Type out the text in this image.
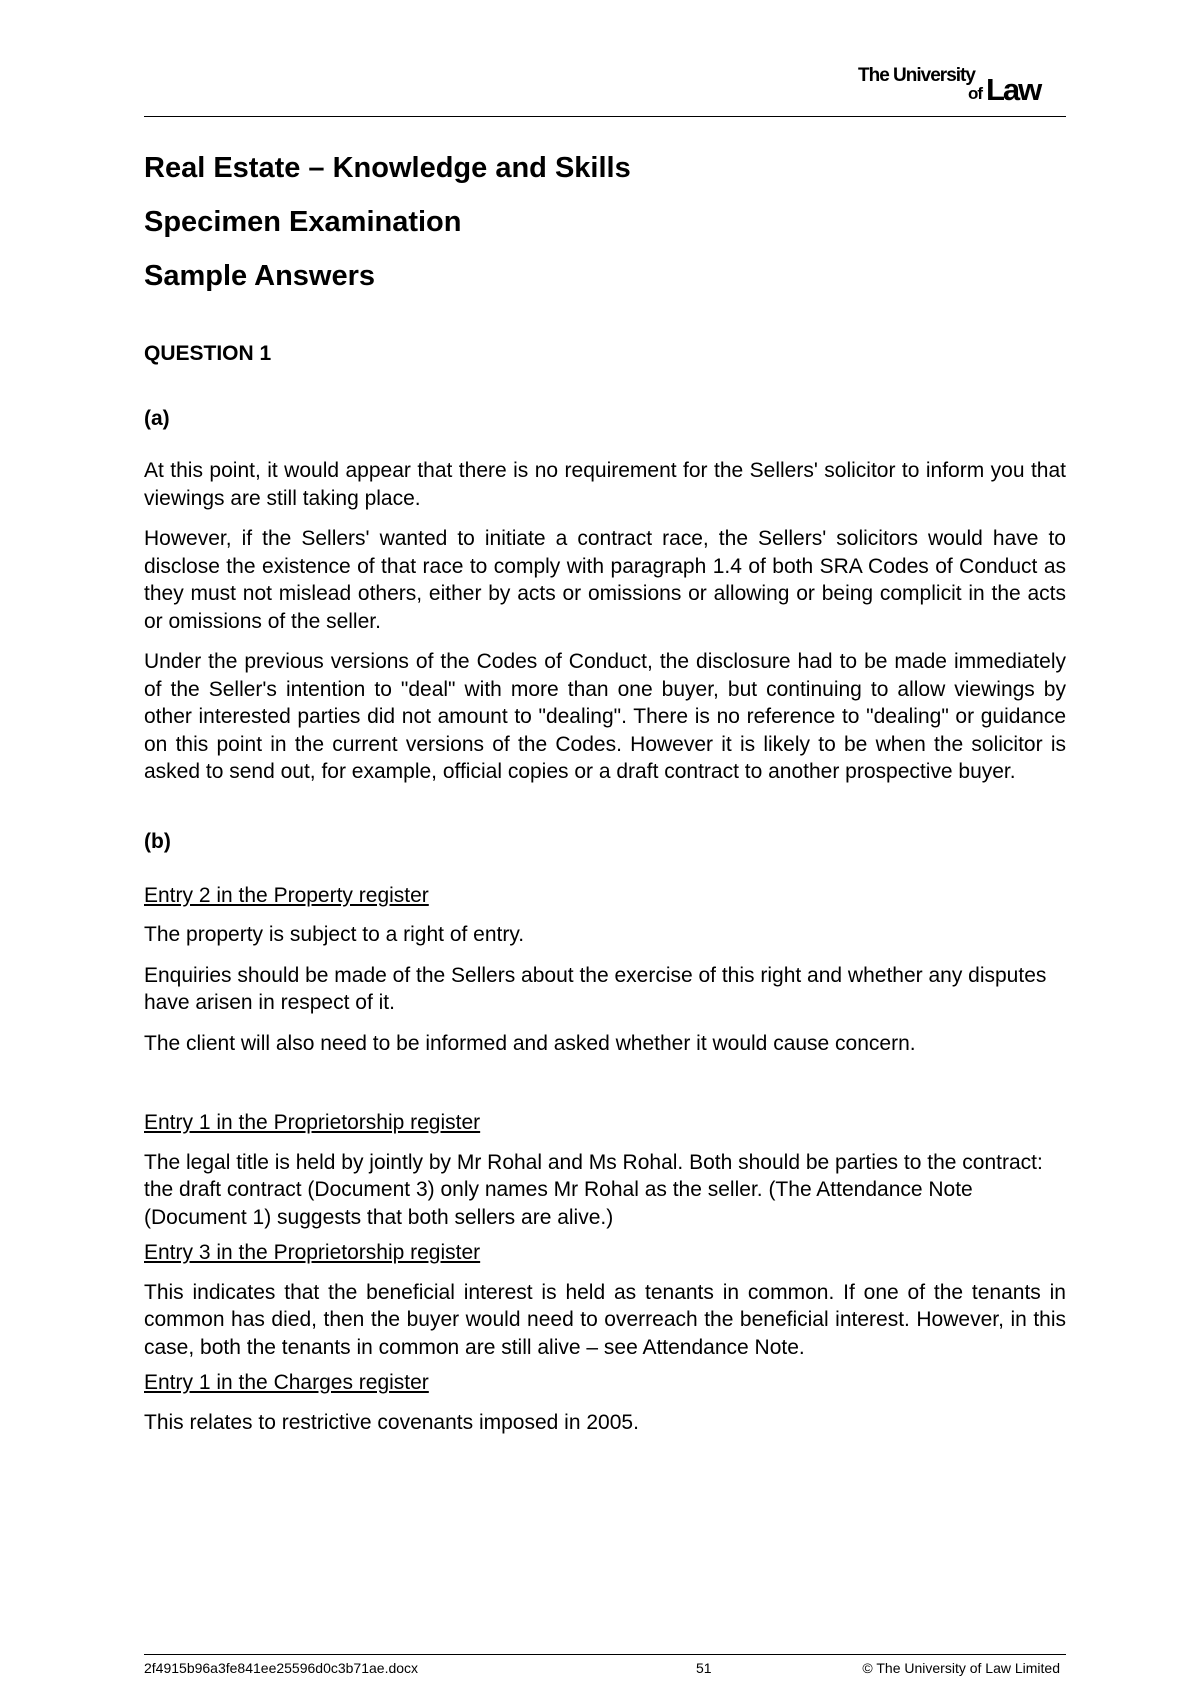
The University
of Law
Real Estate – Knowledge and Skills
Specimen Examination
Sample Answers
QUESTION 1
(a)

At this point, it would appear that there is no requirement for the Sellers' solicitor to inform you that viewings are still taking place.

However, if the Sellers' wanted to initiate a contract race, the Sellers' solicitors would have to disclose the existence of that race to comply with paragraph 1.4 of both SRA Codes of Conduct as they must not mislead others, either by acts or omissions or allowing or being complicit in the acts or omissions of the seller.

Under the previous versions of the Codes of Conduct, the disclosure had to be made immediately of the Seller's intention to "deal" with more than one buyer, but continuing to allow viewings by other interested parties did not amount to "dealing". There is no reference to "dealing" or guidance on this point in the current versions of the Codes. However it is likely to be when the solicitor is asked to send out, for example, official copies or a draft contract to another prospective buyer.

(b)
Entry 2 in the Property register

The property is subject to a right of entry.

Enquiries should be made of the Sellers about the exercise of this right and whether any disputes have arisen in respect of it.

The client will also need to be informed and asked whether it would cause concern.

Entry 1 in the Proprietorship register

The legal title is held by jointly by Mr Rohal and Ms Rohal. Both should be parties to the contract: the draft contract (Document 3) only names Mr Rohal as the seller. (The Attendance Note (Document 1) suggests that both sellers are alive.)

Entry 3 in the Proprietorship register

This indicates that the beneficial interest is held as tenants in common. If one of the tenants in common has died, then the buyer would need to overreach the beneficial interest. However, in this case, both the tenants in common are still alive – see Attendance Note.

Entry 1 in the Charges register

This relates to restrictive covenants imposed in 2005.

2f4915b96a3fe841ee25596d0c3b71ae.docx	51	© The University of Law Limited
